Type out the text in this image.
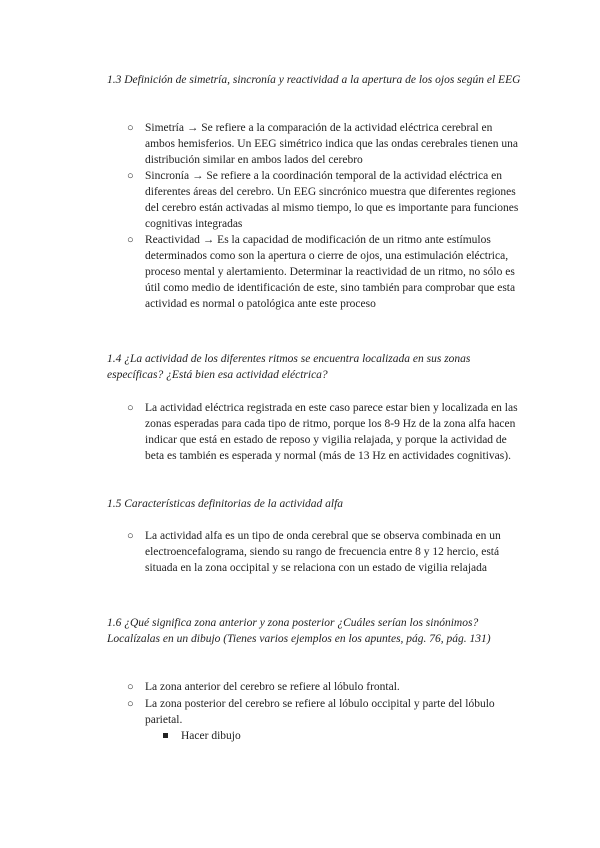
1.3 Definición de simetría, sincronía y reactividad a la apertura de los ojos según el EEG

○ Simetría → Se refiere a la comparación de la actividad eléctrica cerebral en ambos hemisferios. Un EEG simétrico indica que las ondas cerebrales tienen una distribución similar en ambos lados del cerebro

○ Sincronía → Se refiere a la coordinación temporal de la actividad eléctrica en diferentes áreas del cerebro. Un EEG sincrónico muestra que diferentes regiones del cerebro están activadas al mismo tiempo, lo que es importante para funciones cognitivas integradas

○ Reactividad → Es la capacidad de modificación de un ritmo ante estímulos determinados como son la apertura o cierre de ojos, una estimulación eléctrica, proceso mental y alertamiento. Determinar la reactividad de un ritmo, no sólo es útil como medio de identificación de este, sino también para comprobar que esta actividad es normal o patológica ante este proceso

1.4 ¿La actividad de los diferentes ritmos se encuentra localizada en sus zonas específicas? ¿Está bien esa actividad eléctrica?

○ La actividad eléctrica registrada en este caso parece estar bien y localizada en las zonas esperadas para cada tipo de ritmo, porque los 8-9 Hz de la zona alfa hacen indicar que está en estado de reposo y vigilia relajada, y porque la actividad de beta es también es esperada y normal (más de 13 Hz en actividades cognitivas).

1.5 Características definitorias de la actividad alfa

○ La actividad alfa es un tipo de onda cerebral que se observa combinada en un electroencefalograma, siendo su rango de frecuencia entre 8 y 12 hercio, está situada en la zona occipital y se relaciona con un estado de vigilia relajada

1.6 ¿Qué significa zona anterior y zona posterior ¿Cuáles serían los sinónimos? Localízalas en un dibujo (Tienes varios ejemplos en los apuntes, pág. 76, pág. 131)

○ La zona anterior del cerebro se refiere al lóbulo frontal.

○ La zona posterior del cerebro se refiere al lóbulo occipital y parte del lóbulo parietal.

Hacer dibujo
